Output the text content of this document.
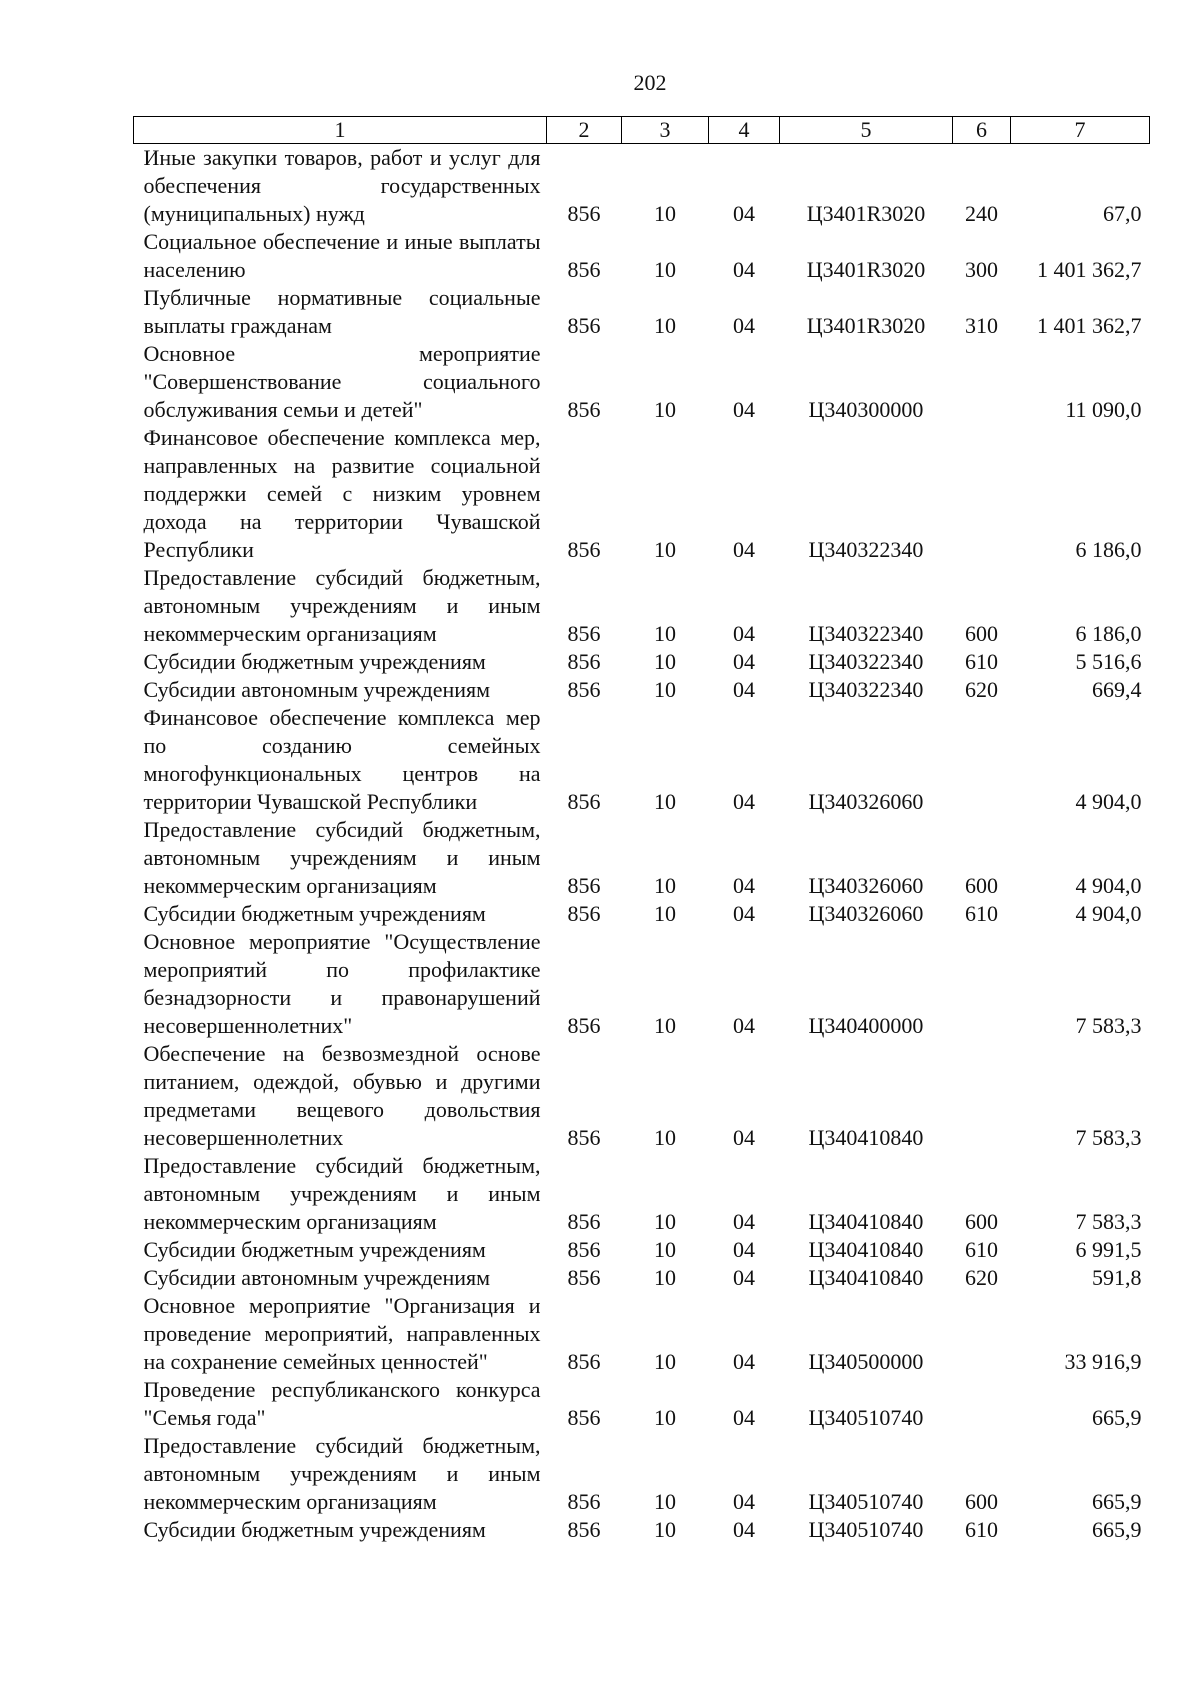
202
1	2	3	4	5	6	7
Иные закупки товаров, работ и услуг для обеспечения государственных (муниципальных) нужд	856	10	04	Ц3401R3020	240	67,0
Социальное обеспечение и иные выплаты населению	856	10	04	Ц3401R3020	300	1 401 362,7
Публичные нормативные социальные выплаты гражданам	856	10	04	Ц3401R3020	310	1 401 362,7
Основное мероприятие "Совершенствование социального обслуживания семьи и детей"	856	10	04	Ц340300000		11 090,0
Финансовое обеспечение комплекса мер, направленных на развитие социальной поддержки семей с низким уровнем дохода на территории Чувашской Республики	856	10	04	Ц340322340		6 186,0
Предоставление субсидий бюджетным, автономным учреждениям и иным некоммерческим организациям	856	10	04	Ц340322340	600	6 186,0
Субсидии бюджетным учреждениям	856	10	04	Ц340322340	610	5 516,6
Субсидии автономным учреждениям	856	10	04	Ц340322340	620	669,4
Финансовое обеспечение комплекса мер по созданию семейных многофункциональных центров на территории Чувашской Республики	856	10	04	Ц340326060		4 904,0
Предоставление субсидий бюджетным, автономным учреждениям и иным некоммерческим организациям	856	10	04	Ц340326060	600	4 904,0
Субсидии бюджетным учреждениям	856	10	04	Ц340326060	610	4 904,0
Основное мероприятие "Осуществление мероприятий по профилактике безнадзорности и правонарушений несовершеннолетних"	856	10	04	Ц340400000		7 583,3
Обеспечение на безвозмездной основе питанием, одеждой, обувью и другими предметами вещевого довольствия несовершеннолетних	856	10	04	Ц340410840		7 583,3
Предоставление субсидий бюджетным, автономным учреждениям и иным некоммерческим организациям	856	10	04	Ц340410840	600	7 583,3
Субсидии бюджетным учреждениям	856	10	04	Ц340410840	610	6 991,5
Субсидии автономным учреждениям	856	10	04	Ц340410840	620	591,8
Основное мероприятие "Организация и проведение мероприятий, направленных на сохранение семейных ценностей"	856	10	04	Ц340500000		33 916,9
Проведение республиканского конкурса "Семья года"	856	10	04	Ц340510740		665,9
Предоставление субсидий бюджетным, автономным учреждениям и иным некоммерческим организациям	856	10	04	Ц340510740	600	665,9
Субсидии бюджетным учреждениям	856	10	04	Ц340510740	610	665,9
